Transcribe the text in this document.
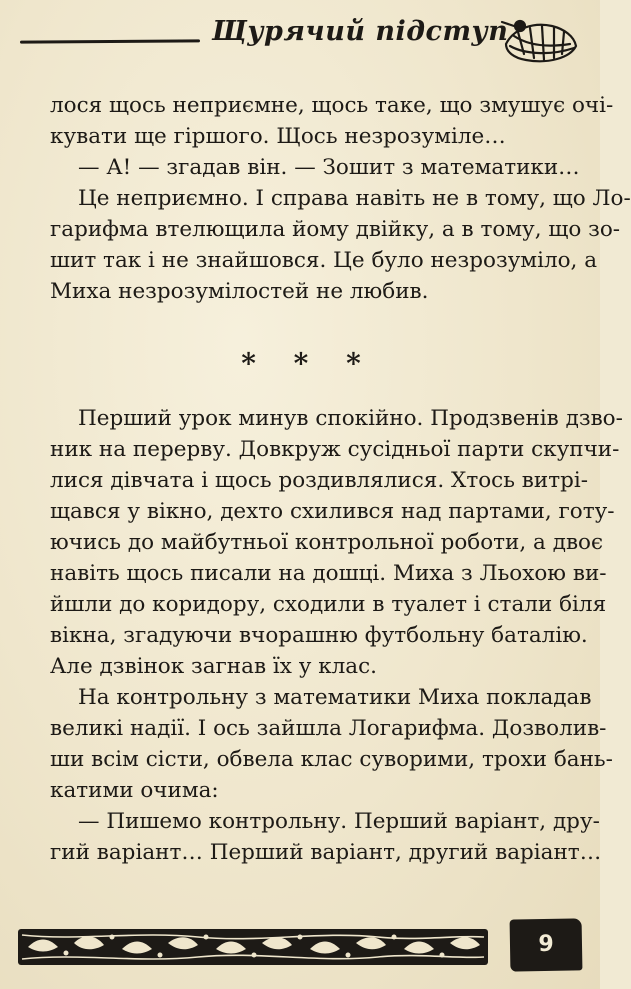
Щурячий підступ
лося щось неприємне, щось таке, що змушує очі-
кувати ще гіршого. Щось незрозуміле…
— А! — згадав він. — Зошит з математики…
Це неприємно. І справа навіть не в тому, що Ло-
гарифма втелющила йому двійку, а в тому, що зо-
шит так і не знайшовся. Це було незрозуміло, а
Миха незрозумілостей не любив.
* * *
Перший урок минув спокійно. Продзвенів дзво-
ник на перерву. Довкруж сусідньої парти скупчи-
лися дівчата і щось роздивлялися. Хтось витрі-
щався у вікно, дехто схилився над партами, готу-
ючись до майбутньої контрольної роботи, а двоє
навіть щось писали на дошці. Миха з Льохою ви-
йшли до коридору, сходили в туалет і стали біля
вікна, згадуючи вчорашню футбольну баталію.
Але дзвінок загнав їх у клас.
На контрольну з математики Миха покладав
великі надії. І ось зайшла Логарифма. Дозволив-
ши всім сісти, обвела клас суворими, трохи бань-
катими очима:
— Пишемо контрольну. Перший варіант, дру-
гий варіант… Перший варіант, другий варіант…
9
